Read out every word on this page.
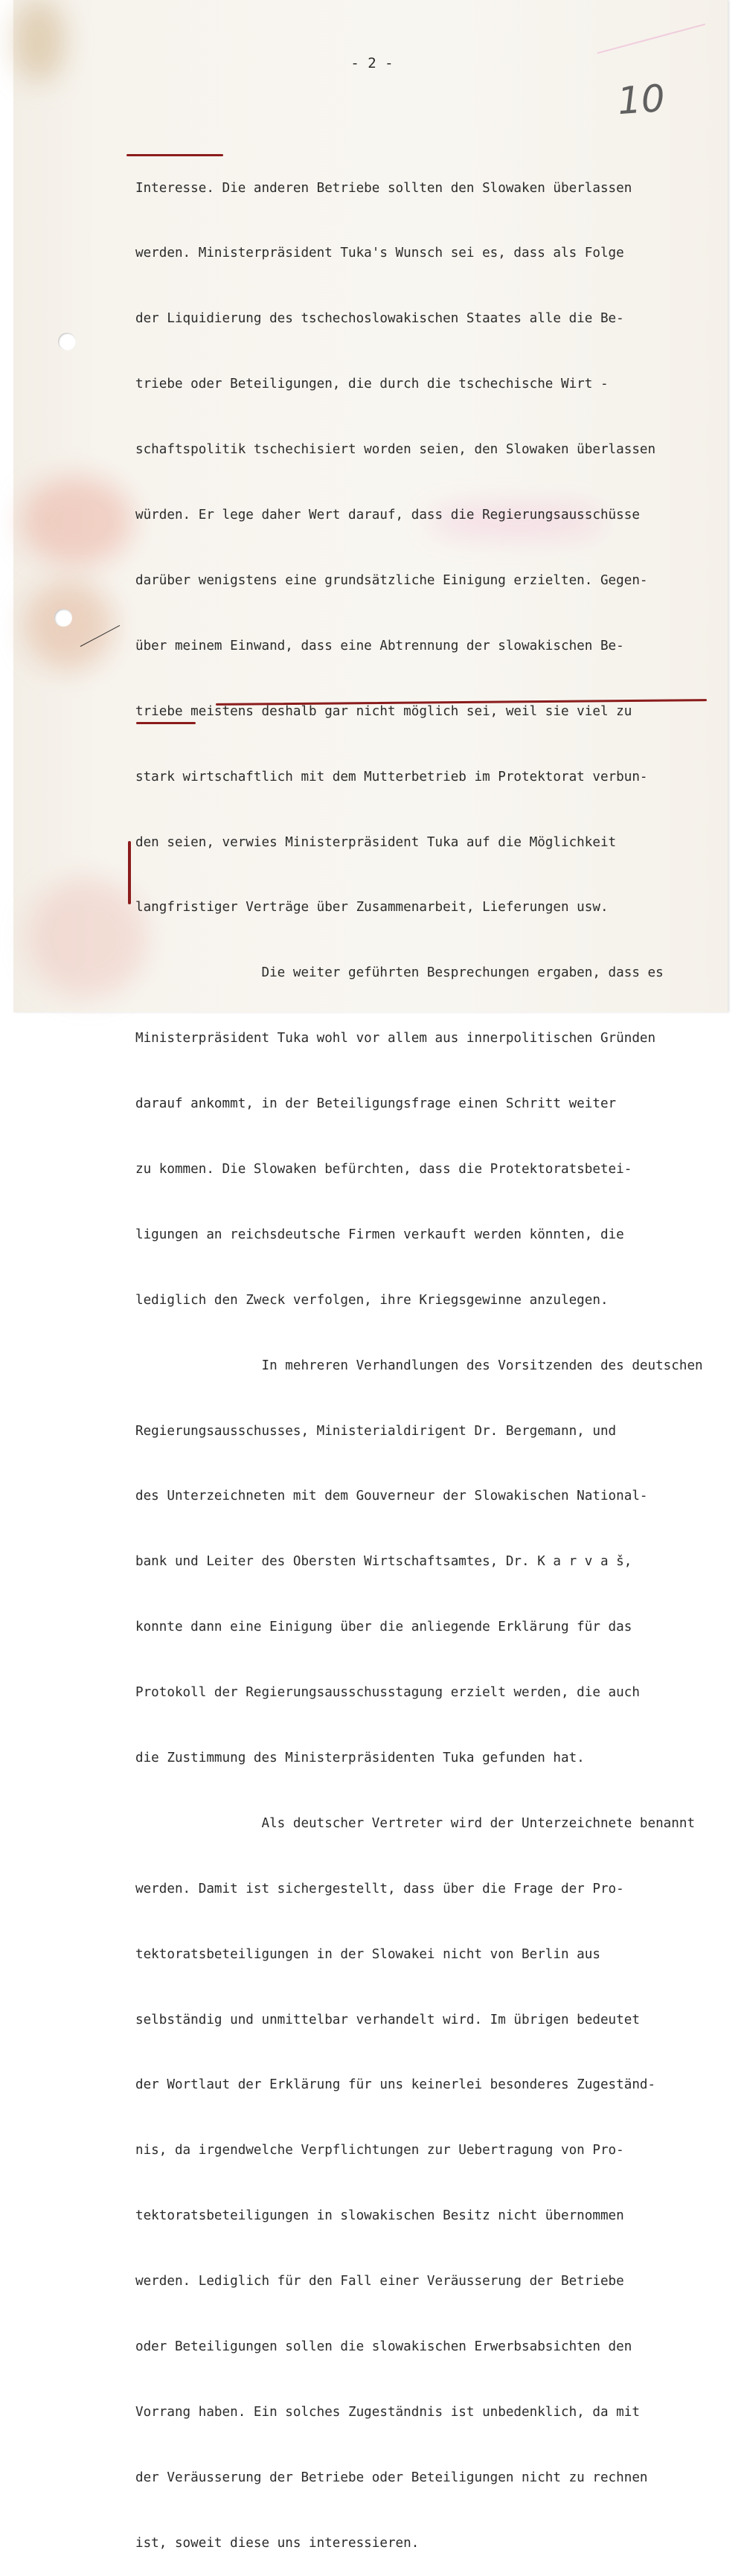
- 2 -
10

Interesse. Die anderen Betriebe sollten den Slowaken überlassen

werden. Ministerpräsident Tuka's Wunsch sei es, dass als Folge

der Liquidierung des tschechoslowakischen Staates alle die Be-

triebe oder Beteiligungen, die durch die tschechische Wirt -

schaftspolitik tschechisiert worden seien, den Slowaken überlassen

würden. Er lege daher Wert darauf, dass die Regierungsausschüsse

darüber wenigstens eine grundsätzliche Einigung erzielten. Gegen-

über meinem Einwand, dass eine Abtrennung der slowakischen Be-

triebe meistens deshalb gar nicht möglich sei, weil sie viel zu

stark wirtschaftlich mit dem Mutterbetrieb im Protektorat verbun-

den seien, verwies Ministerpräsident Tuka auf die Möglichkeit

langfristiger Verträge über Zusammenarbeit, Lieferungen usw.

Die weiter geführten Besprechungen ergaben, dass es

Ministerpräsident Tuka wohl vor allem aus innerpolitischen Gründen

darauf ankommt, in der Beteiligungsfrage einen Schritt weiter

zu kommen. Die Slowaken befürchten, dass die Protektoratsbetei-

ligungen an reichsdeutsche Firmen verkauft werden könnten, die

lediglich den Zweck verfolgen, ihre Kriegsgewinne anzulegen.

In mehreren Verhandlungen des Vorsitzenden des deutschen

Regierungsausschusses, Ministerialdirigent Dr. Bergemann, und

des Unterzeichneten mit dem Gouverneur der Slowakischen National-

bank und Leiter des Obersten Wirtschaftsamtes, Dr. K a r v a š,

konnte dann eine Einigung über die anliegende Erklärung für das

Protokoll der Regierungsausschusstagung erzielt werden, die auch

die Zustimmung des Ministerpräsidenten Tuka gefunden hat.

Als deutscher Vertreter wird der Unterzeichnete benannt

werden. Damit ist sichergestellt, dass über die Frage der Pro-

tektoratsbeteiligungen in der Slowakei nicht von Berlin aus

selbständig und unmittelbar verhandelt wird. Im übrigen bedeutet

der Wortlaut der Erklärung für uns keinerlei besonderes Zugeständ-

nis, da irgendwelche Verpflichtungen zur Uebertragung von Pro-

tektoratsbeteiligungen in slowakischen Besitz nicht übernommen

werden. Lediglich für den Fall einer Veräusserung der Betriebe

oder Beteiligungen sollen die slowakischen Erwerbsabsichten den

Vorrang haben. Ein solches Zugeständnis ist unbedenklich, da mit

der Veräusserung der Betriebe oder Beteiligungen nicht zu rechnen

ist, soweit diese uns interessieren.
